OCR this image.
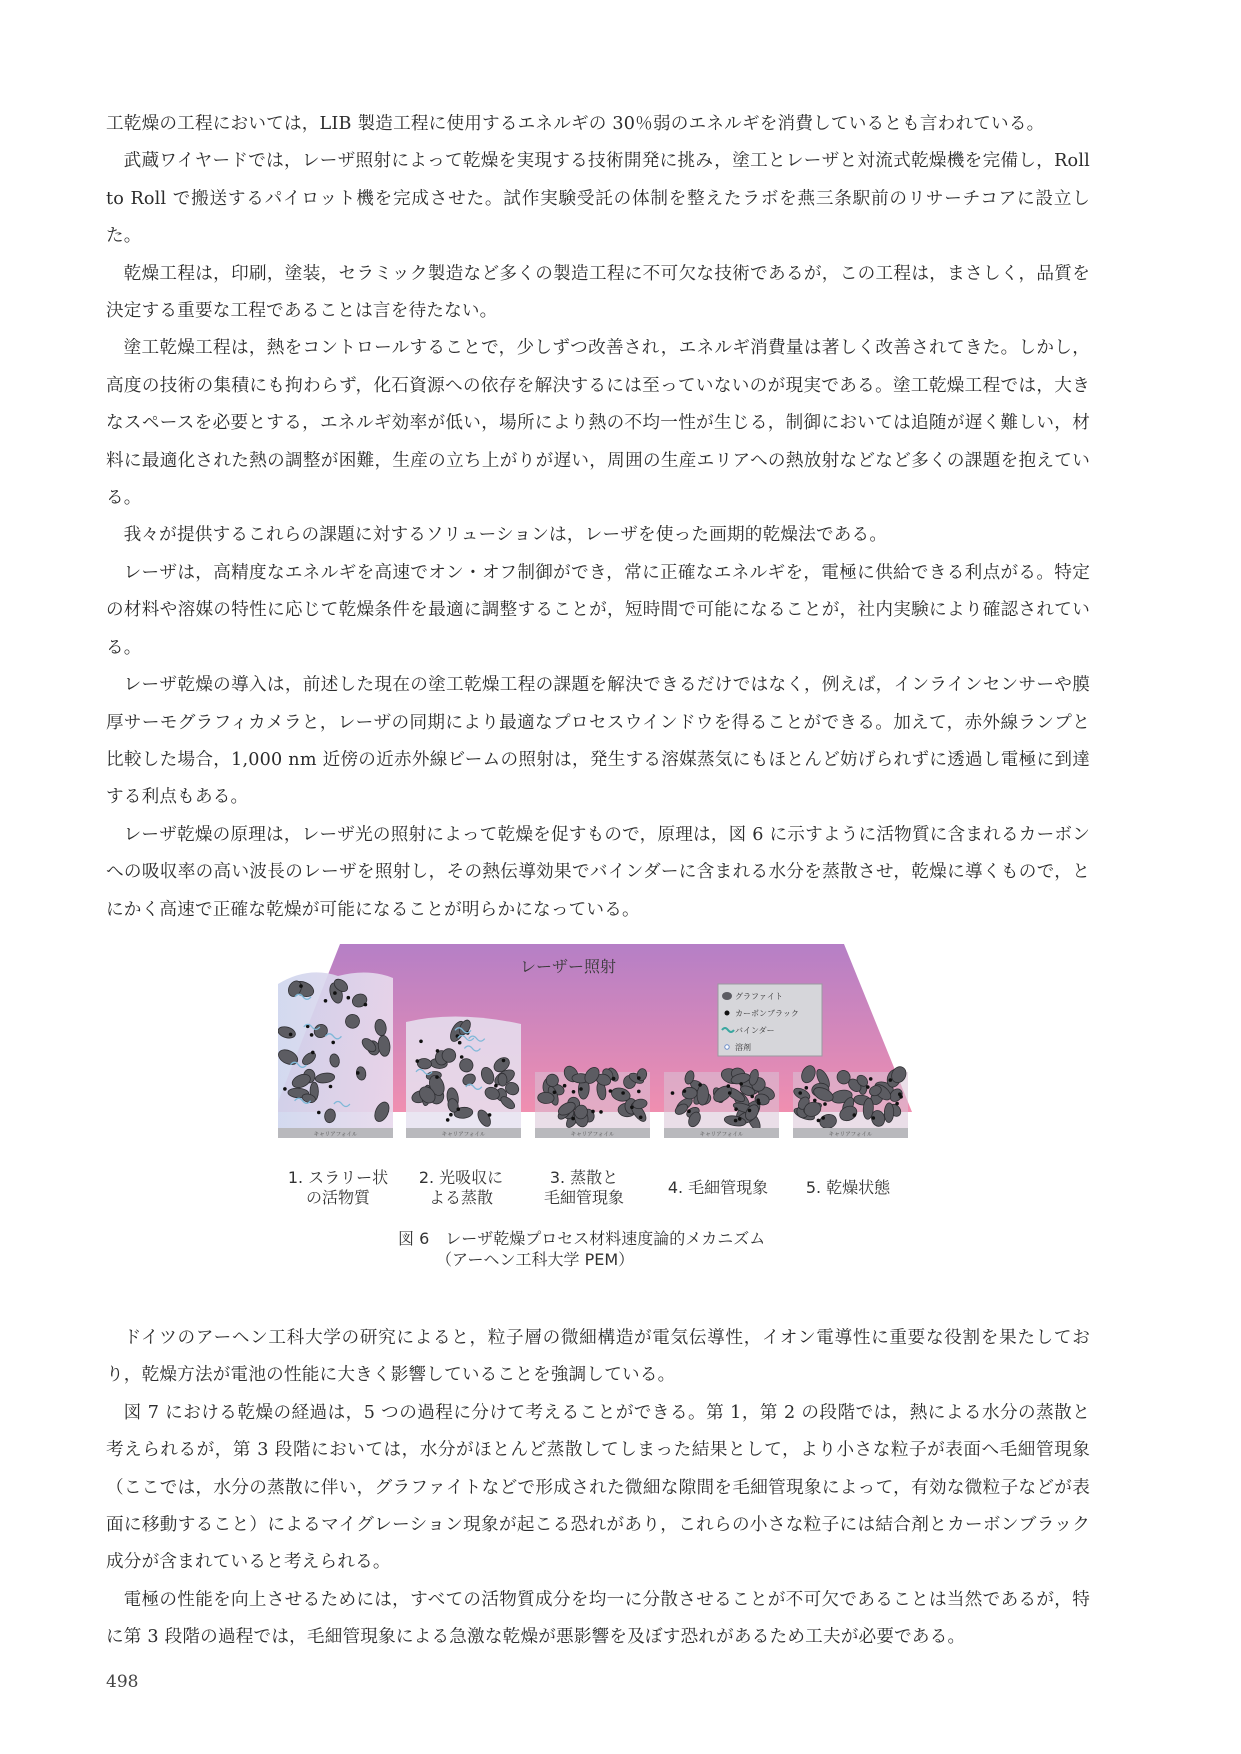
工乾燥の工程においては，LIB 製造工程に使用するエネルギの 30％弱のエネルギを消費しているとも言われている。

武蔵ワイヤードでは，レーザ照射によって乾燥を実現する技術開発に挑み，塗工とレーザと対流式乾燥機を完備し，Roll to Roll で搬送するパイロット機を完成させた。試作実験受託の体制を整えたラボを燕三条駅前のリサーチコアに設立した。

乾燥工程は，印刷，塗装，セラミック製造など多くの製造工程に不可欠な技術であるが，この工程は，まさしく，品質を決定する重要な工程であることは言を待たない。

塗工乾燥工程は，熱をコントロールすることで，少しずつ改善され，エネルギ消費量は著しく改善されてきた。しかし，高度の技術の集積にも拘わらず，化石資源への依存を解決するには至っていないのが現実である。塗工乾燥工程では，大きなスペースを必要とする，エネルギ効率が低い，場所により熱の不均一性が生じる，制御においては追随が遅く難しい，材料に最適化された熱の調整が困難，生産の立ち上がりが遅い，周囲の生産エリアへの熱放射などなど多くの課題を抱えている。

我々が提供するこれらの課題に対するソリューションは，レーザを使った画期的乾燥法である。

レーザは，高精度なエネルギを高速でオン・オフ制御ができ，常に正確なエネルギを，電極に供給できる利点がる。特定の材料や溶媒の特性に応じて乾燥条件を最適に調整することが，短時間で可能になることが，社内実験により確認されている。

レーザ乾燥の導入は，前述した現在の塗工乾燥工程の課題を解決できるだけではなく，例えば，インラインセンサーや膜厚サーモグラフィカメラと，レーザの同期により最適なプロセスウインドウを得ることができる。加えて，赤外線ランプと比較した場合，1,000 nm 近傍の近赤外線ビームの照射は，発生する溶媒蒸気にもほとんど妨げられずに透過し電極に到達する利点もある。

レーザ乾燥の原理は，レーザ光の照射によって乾燥を促すもので，原理は，図 6 に示すように活物質に含まれるカーボンへの吸収率の高い波長のレーザを照射し，その熱伝導効果でバインダーに含まれる水分を蒸散させ，乾燥に導くもので，とにかく高速で正確な乾燥が可能になることが明らかになっている。

レーザー照射
グラファイト
カーボンブラック
バインダー
溶剤
キャリアフォイル	キャリアフォイル	キャリアフォイル	キャリアフォイル	キャリアフォイル
1. スラリー状
の活物質
2. 光吸収に
よる蒸散
3. 蒸散と
毛細管現象
4. 毛細管現象	5. 乾燥状態
図 6　レーザ乾燥プロセス材料速度論的メカニズム
（アーヘン工科大学 PEM）

ドイツのアーヘン工科大学の研究によると，粒子層の微細構造が電気伝導性，イオン電導性に重要な役割を果たしており，乾燥方法が電池の性能に大きく影響していることを強調している。

図 7 における乾燥の経過は，5 つの過程に分けて考えることができる。第 1，第 2 の段階では，熱による水分の蒸散と考えられるが，第 3 段階においては，水分がほとんど蒸散してしまった結果として，より小さな粒子が表面へ毛細管現象（ここでは，水分の蒸散に伴い，グラファイトなどで形成された微細な隙間を毛細管現象によって，有効な微粒子などが表面に移動すること）によるマイグレーション現象が起こる恐れがあり，これらの小さな粒子には結合剤とカーボンブラック成分が含まれていると考えられる。

電極の性能を向上させるためには，すべての活物質成分を均一に分散させることが不可欠であることは当然であるが，特に第 3 段階の過程では，毛細管現象による急激な乾燥が悪影響を及ぼす恐れがあるため工夫が必要である。

498
